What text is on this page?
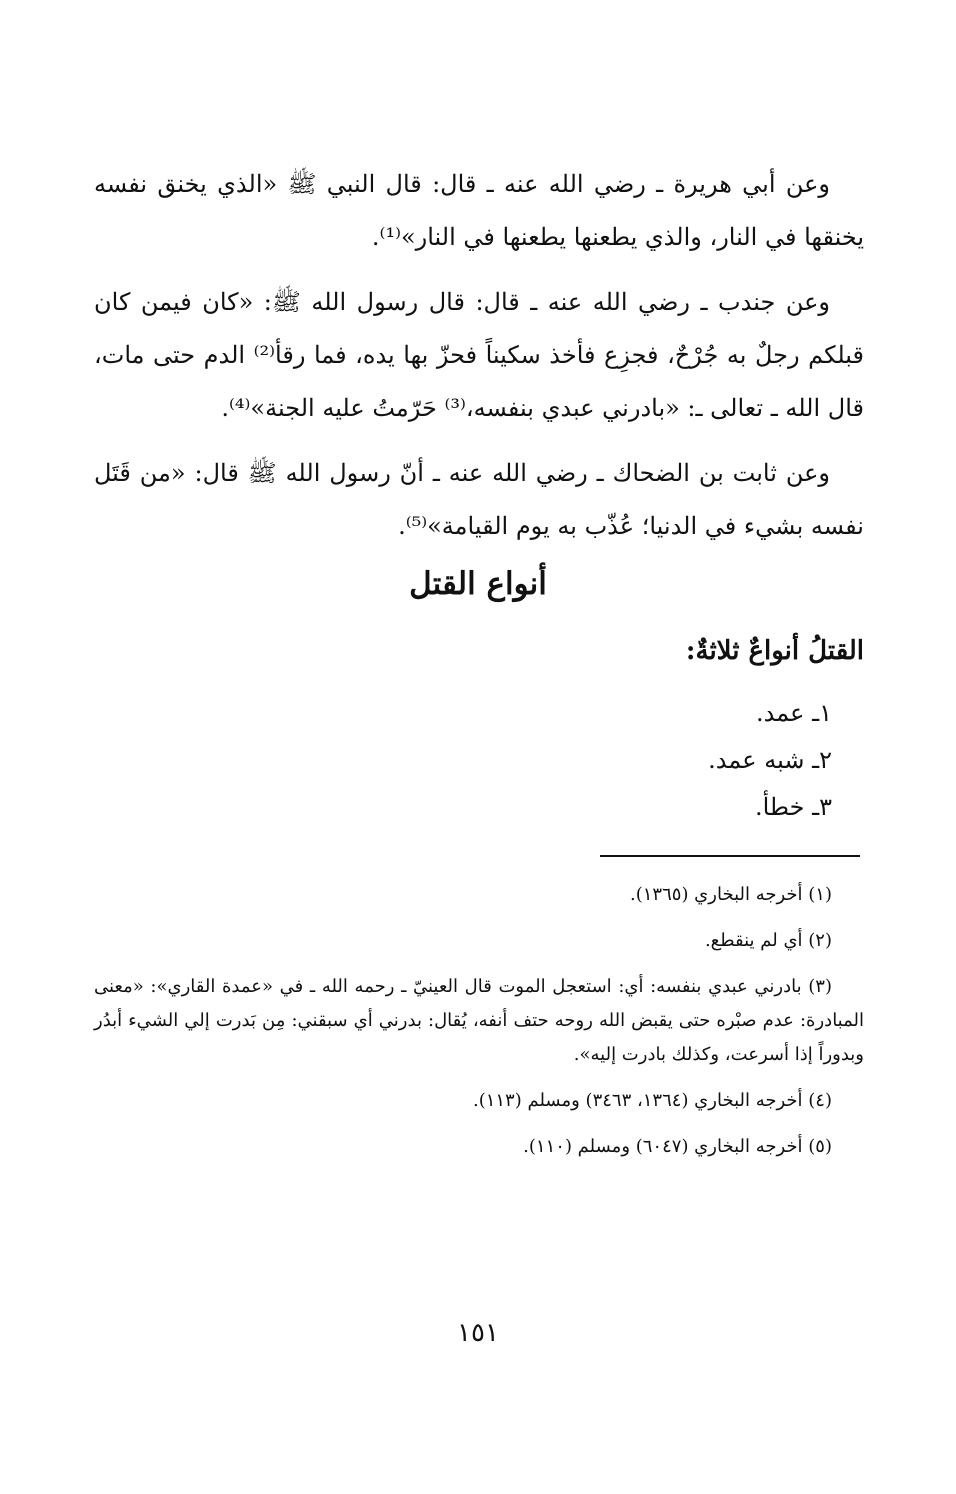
وعن أبي هريرة ـ رضي الله عنه ـ قال: قال النبي ﷺ «الذي يخنق نفسه يخنقها في النار، والذي يطعنها يطعنها في النار»⁽¹⁾.

وعن جندب ـ رضي الله عنه ـ قال: قال رسول الله ﷺ: «كان فيمن كان قبلكم رجلٌ به جُرْحٌ، فجزِع فأخذ سكيناً فحزّ بها يده، فما رقأ⁽²⁾ الدم حتى مات، قال الله ـ تعالى ـ: «بادرني عبدي بنفسه،⁽³⁾ حَرّمتُ عليه الجنة»⁽⁴⁾.

وعن ثابت بن الضحاك ـ رضي الله عنه ـ أنّ رسول الله ﷺ قال: «من قَتَل نفسه بشيء في الدنيا؛ عُذّب به يوم القيامة»⁽⁵⁾.

أنواع القتل
القتلُ أنواعٌ ثلاثةٌ:
١ـ عمد.
٢ـ شبه عمد.
٣ـ خطأ.

(١) أخرجه البخاري (١٣٦٥).

(٢) أي لم ينقطع.

(٣) بادرني عبدي بنفسه: أي: استعجل الموت قال العينيّ ـ رحمه الله ـ في «عمدة القاري»: «معنى المبادرة: عدم صبْره حتى يقبض الله روحه حتف أنفه، يُقال: بدرني أي سبقني: مِن بَدرت إلي الشيء أبدُر وبدوراً إذا أسرعت، وكذلك بادرت إليه».

(٤) أخرجه البخاري (١٣٦٤، ٣٤٦٣) ومسلم (١١٣).

(٥) أخرجه البخاري (٦٠٤٧) ومسلم (١١٠).

١٥١
